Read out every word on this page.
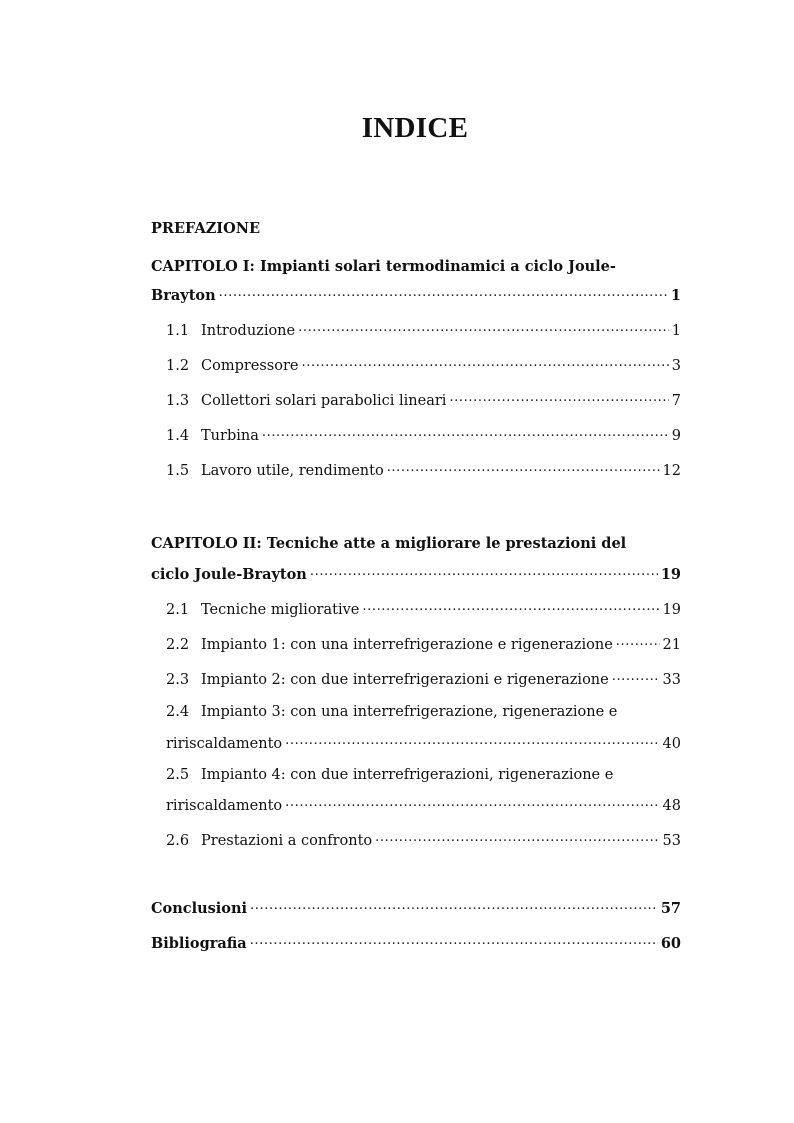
INDICE
PREFAZIONE
CAPITOLO I: Impianti solari termodinamici a ciclo Joule-
Brayton .....	1
1.1 Introduzione .....	1
1.2 Compressore .....	3
1.3 Collettori solari parabolici lineari .....	7
1.4 Turbina .....	9
1.5 Lavoro utile, rendimento .....	12
CAPITOLO II: Tecniche atte a migliorare le prestazioni del
ciclo Joule-Brayton .....	19
2.1 Tecniche migliorative .....	19
2.2 Impianto 1: con una interrefrigerazione e rigenerazione .....	21
2.3 Impianto 2: con due interrefrigerazioni e rigenerazione .....	33
2.4 Impianto 3: con una interrefrigerazione, rigenerazione e
ririscaldamento .....	40
2.5 Impianto 4: con due interrefrigerazioni, rigenerazione e
ririscaldamento .....	48
2.6 Prestazioni a confronto .....	53
Conclusioni .....	57
Bibliografia .....	60
